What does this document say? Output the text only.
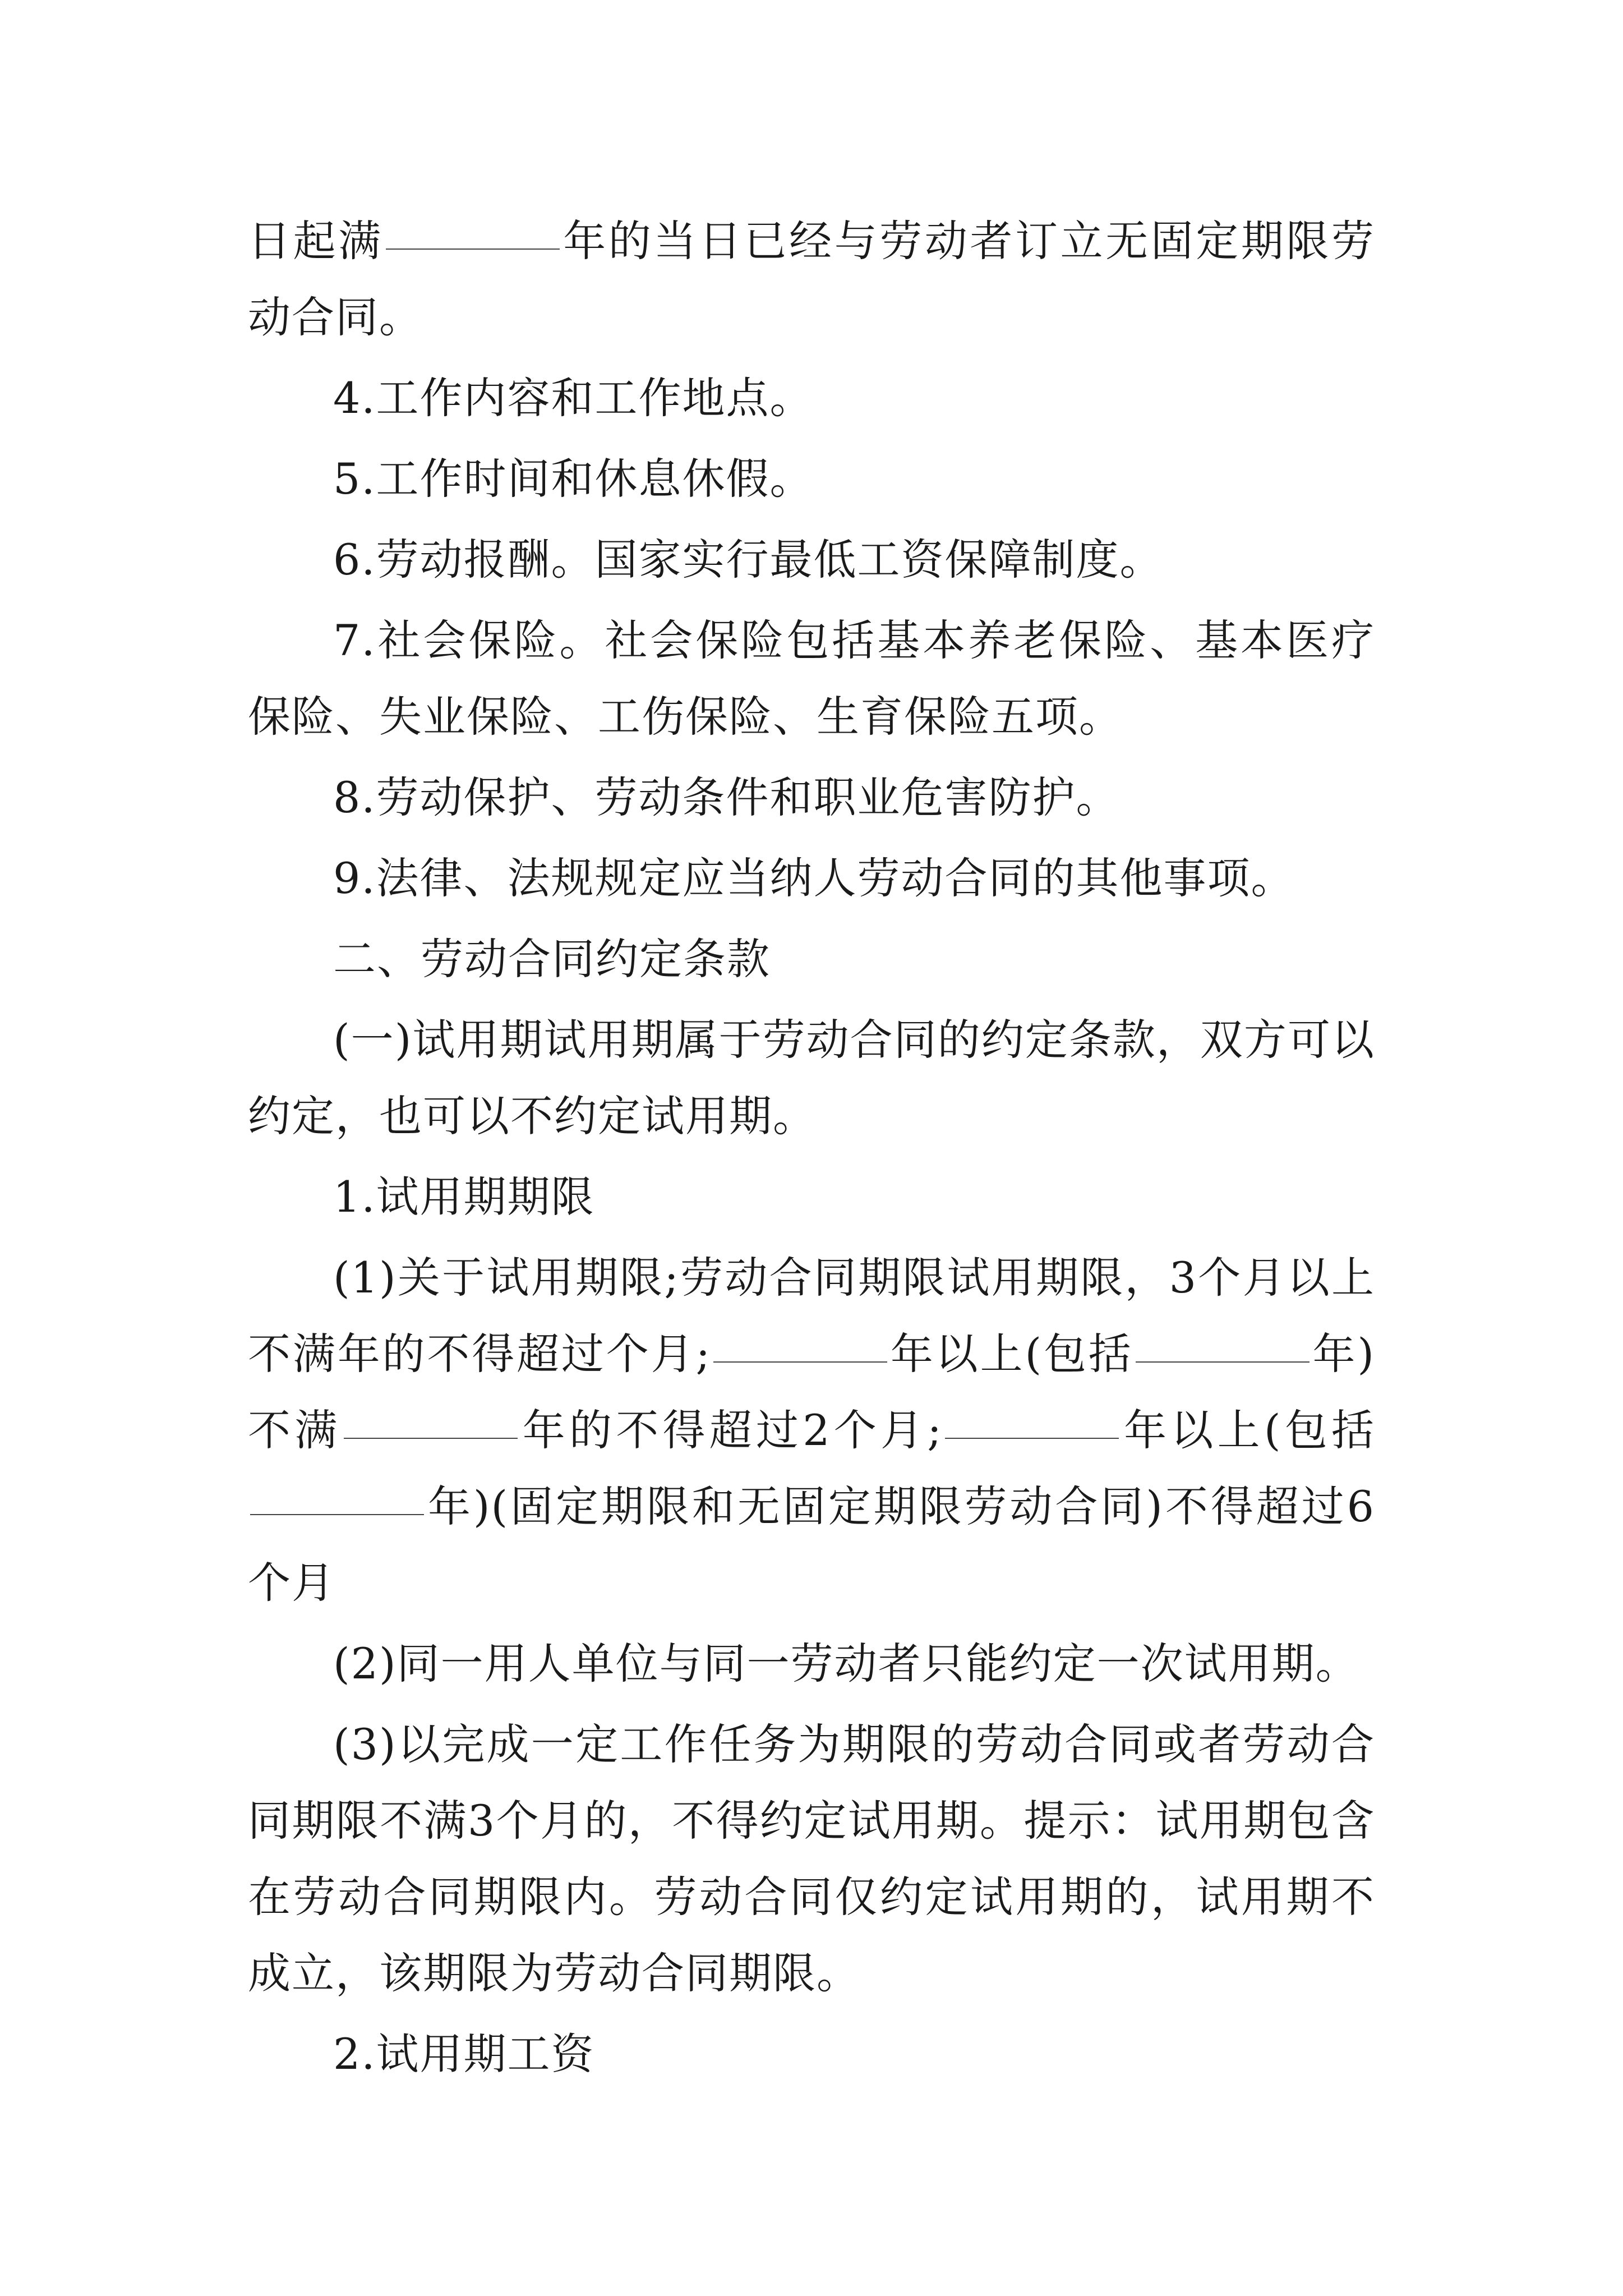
日起满	年的当日已经与劳动者订立无固定期限劳动合同。

4.工作内容和工作地点。

5.工作时间和休息休假。

6.劳动报酬。国家实行最低工资保障制度。

7.社会保险。社会保险包括基本养老保险、基本医疗保险、失业保险、工伤保险、生育保险五项。

8.劳动保护、劳动条件和职业危害防护。

9.法律、法规规定应当纳人劳动合同的其他事项。

二、劳动合同约定条款

(一)试用期试用期属于劳动合同的约定条款，双方可以约定，也可以不约定试用期。

1.试用期期限

(1)关于试用期限;劳动合同期限试用期限，3个月以上不满年的不得超过个月;	年以上(包括	年)不满	年的不得超过2个月;	年以上(包括年)(固定期限和无固定期限劳动合同)不得超过6个月

(2)同一用人单位与同一劳动者只能约定一次试用期。

(3)以完成一定工作任务为期限的劳动合同或者劳动合同期限不满3个月的，不得约定试用期。提示：试用期包含在劳动合同期限内。劳动合同仅约定试用期的，试用期不成立，该期限为劳动合同期限。

2.试用期工资
